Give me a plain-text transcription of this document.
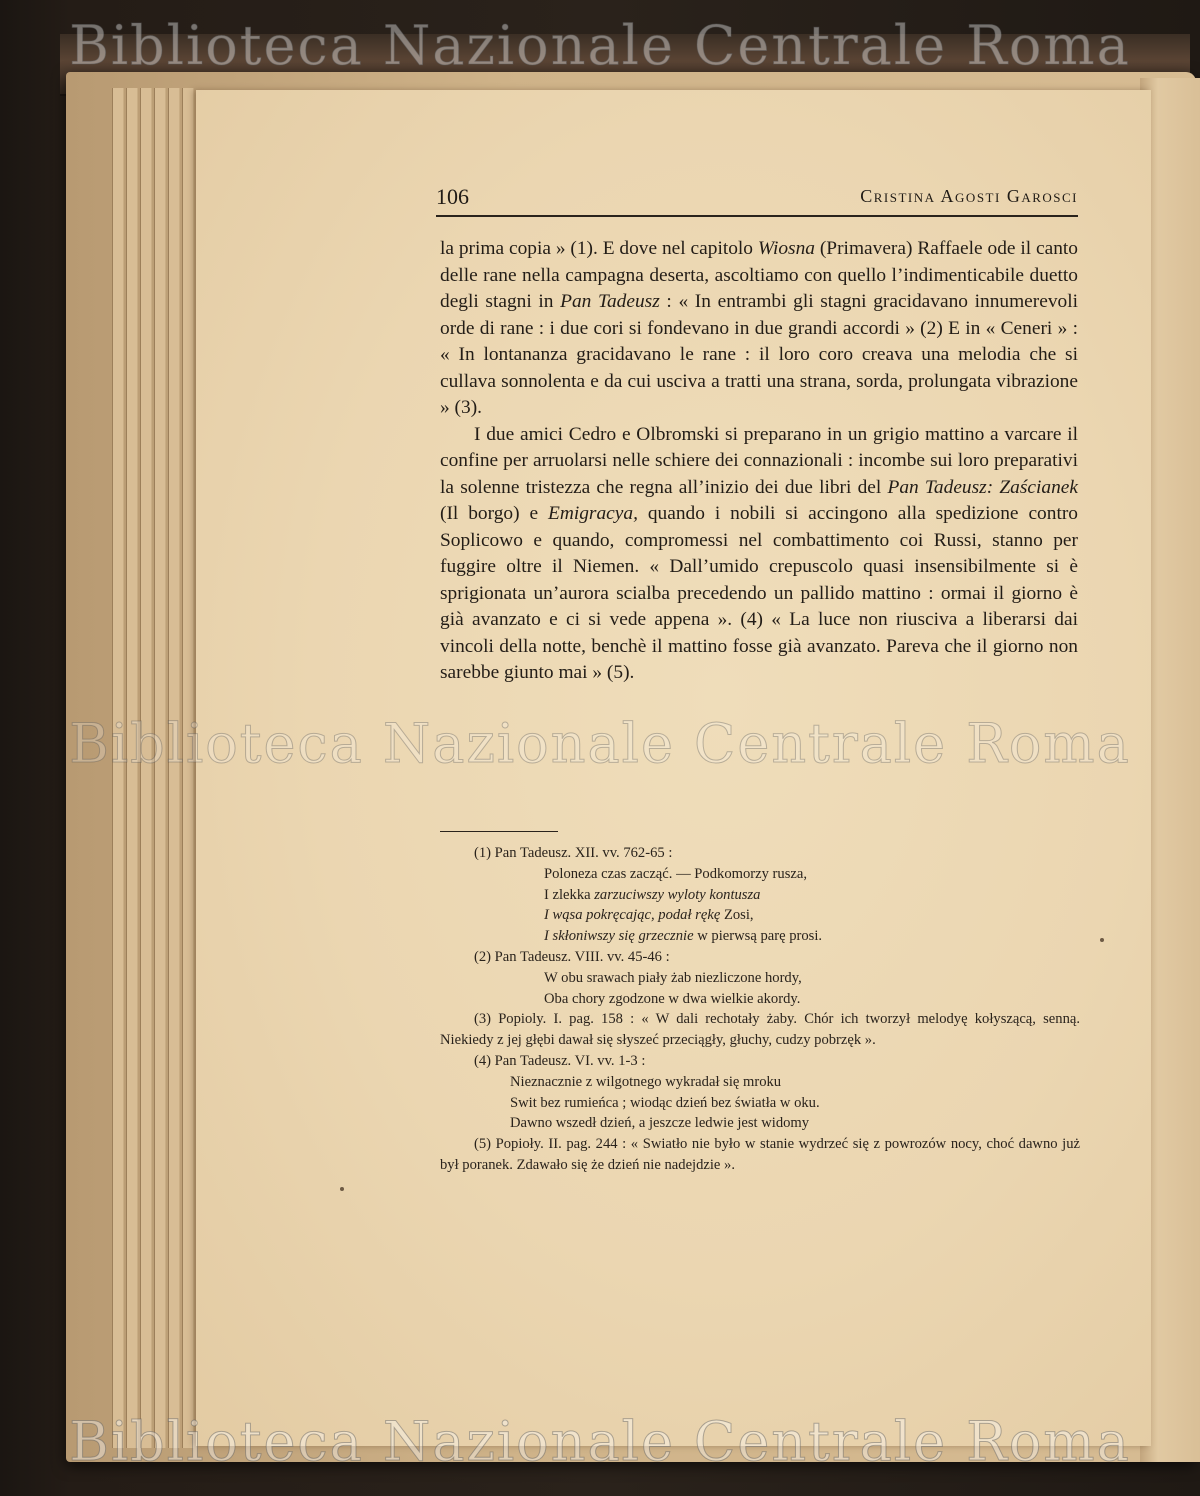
106	Cristina Agosti Garosci

la prima copia » (1). E dove nel capitolo Wiosna (Primavera) Raffaele ode il canto delle rane nella campagna deserta, ascoltiamo con quello l’indimenticabile duetto degli stagni in Pan Tadeusz : « In entrambi gli stagni gracidavano innumerevoli orde di rane : i due cori si fondevano in due grandi accordi » (2) E in « Ceneri » : « In lontananza gracidavano le rane : il loro coro creava una melodia che si cullava sonnolenta e da cui usciva a tratti una strana, sorda, prolungata vibrazione » (3).

I due amici Cedro e Olbromski si preparano in un grigio mattino a varcare il confine per arruolarsi nelle schiere dei connazionali : incombe sui loro preparativi la solenne tristezza che regna all’inizio dei due libri del Pan Tadeusz: Zaścianek (Il borgo) e Emigracya, quando i nobili si accingono alla spedizione contro Soplicowo e quando, compromessi nel combattimento coi Russi, stanno per fuggire oltre il Niemen. « Dall’umido crepuscolo quasi insensibilmente si è sprigionata un’aurora scialba precedendo un pallido mattino : ormai il giorno è già avanzato e ci si vede appena ». (4) « La luce non riusciva a liberarsi dai vincoli della notte, benchè il mattino fosse già avanzato. Pareva che il giorno non sarebbe giunto mai » (5).

(1) Pan Tadeusz. XII. vv. 762-65 :
Poloneza czas zacząć. — Podkomorzy rusza,
I zlekka zarzuciwszy wyloty kontusza
I wąsa pokręcając, podał rękę Zosi,
I skłoniwszy się grzecznie w pierwsą parę prosi.
(2) Pan Tadeusz. VIII. vv. 45-46 :
W obu srawach piały żab niezliczone hordy,
Oba chory zgodzone w dwa wielkie akordy.
(3) Popioly. I. pag. 158 : « W dali rechotały żaby. Chór ich tworzył melodyę kołyszącą, senną. Niekiedy z jej głębi dawał się słyszeć przeciągły, głuchy, cudzy pobrzęk ».
(4) Pan Tadeusz. VI. vv. 1-3 :
Nieznacznie z wilgotnego wykradał się mroku
Swit bez rumieńca ; wiodąc dzień bez światła w oku.
Dawno wszedł dzień, a jeszcze ledwie jest widomy
(5) Popioły. II. pag. 244 : « Swiatło nie było w stanie wydrzeć się z powrozów nocy, choć dawno już był poranek. Zdawało się że dzień nie nadejdzie ».
Biblioteca Nazionale Centrale Roma
Biblioteca Nazionale Centrale Roma
Biblioteca Nazionale Centrale Roma
